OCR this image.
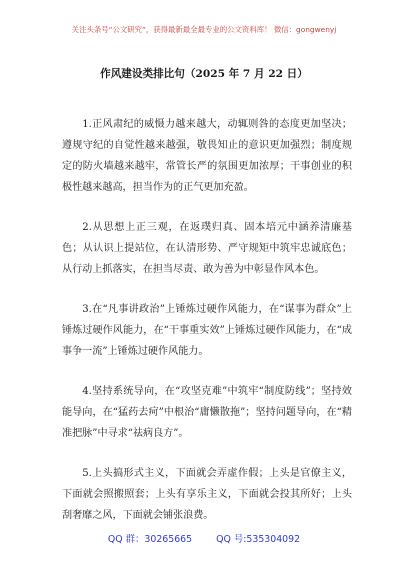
关注头条号“公文研究”，获得最新最全最专业的公文资料库！ 微信：gongwenyj
作风建设类排比句（2025 年 7 月 22 日）

1.正风肃纪的威慑力越来越大，动辄则咎的态度更加坚决；遵规守纪的自觉性越来越强，敬畏知止的意识更加强烈；制度规定的防火墙越来越牢，常管长严的氛围更加浓厚；干事创业的积极性越来越高，担当作为的正气更加充盈。

2.从思想上正三观，在返璞归真、固本培元中涵养清廉基色；从认识上提站位，在认清形势、严守规矩中筑牢忠诚底色；从行动上抓落实，在担当尽责、敢为善为中彰显作风本色。

3.在“凡事讲政治”上锤炼过硬作风能力，在“谋事为群众”上锤炼过硬作风能力，在“干事重实效”上锤炼过硬作风能力，在“成事争一流”上锤炼过硬作风能力。

4.坚持系统导向，在“攻坚克难”中筑牢“制度防线”；坚持效能导向，在“猛药去疴”中根治“庸懒散拖”；坚持问题导向，在“精准把脉”中寻求“祛病良方”。

5.上头搞形式主义，下面就会弄虚作假；上头是官僚主义，下面就会照搬照套；上头有享乐主义，下面就会投其所好；上头刮奢靡之风，下面就会铺张浪费。

QQ 群：30265665	QQ 号:535304092
